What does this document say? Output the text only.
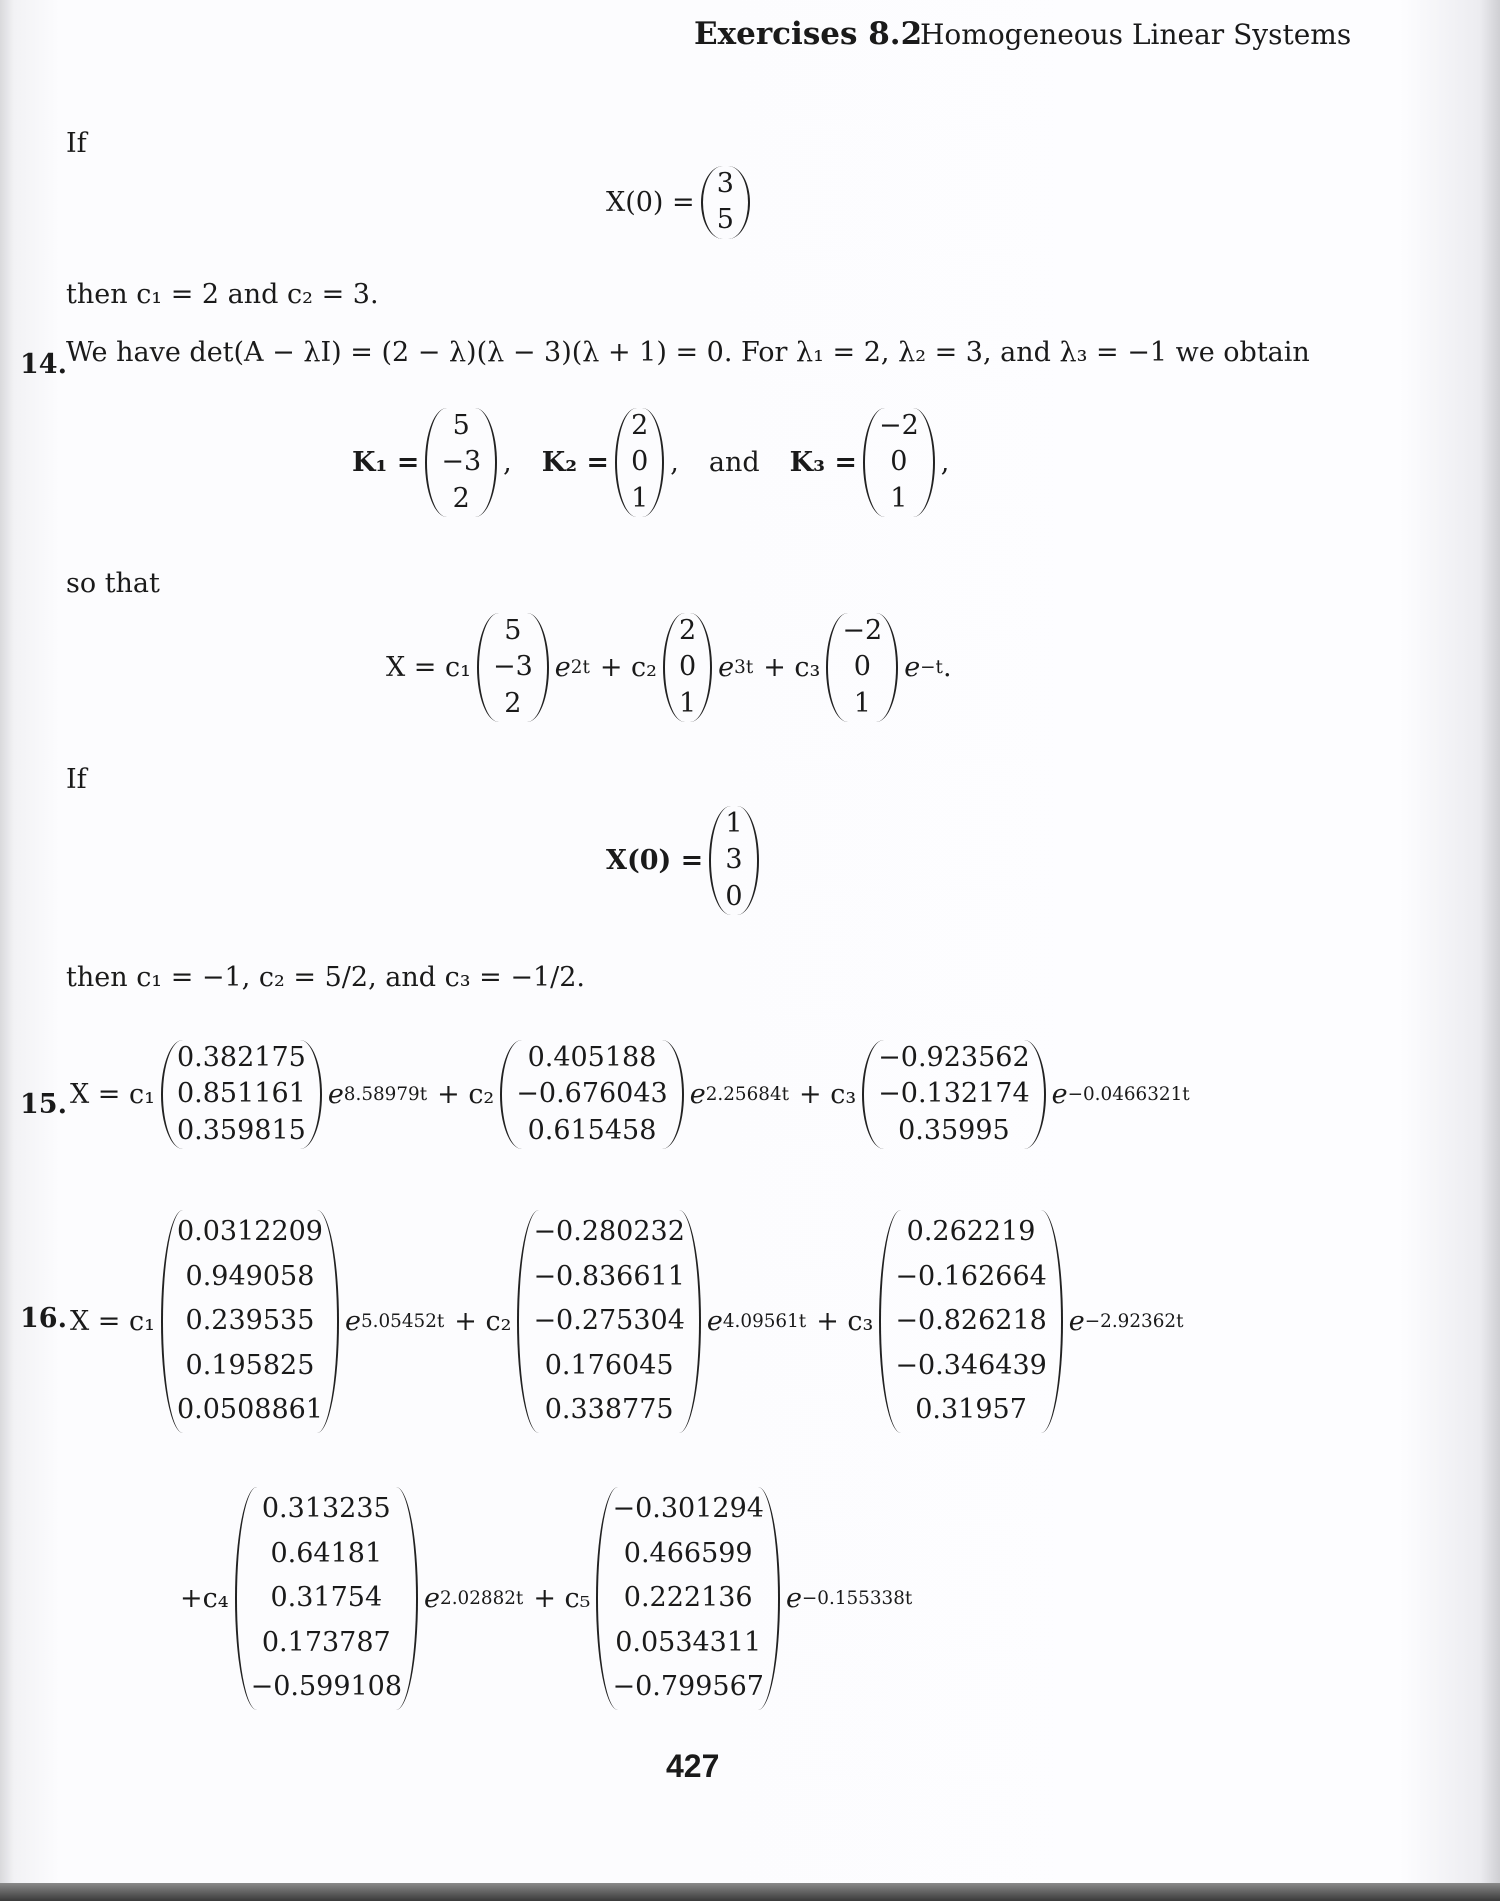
Exercises 8.2
Homogeneous Linear Systems
If
X(0) =
3
5
then c₁ = 2 and c₂ = 3.
14. We have det(A − λI) = (2 − λ)(λ − 3)(λ + 1) = 0. For λ₁ = 2, λ₂ = 3, and λ₃ = −1 we obtain
K₁ =
5
−3
2
, K₂ =
2
0
1
, and K₃ =
−2
0
1
,
so that
X = c₁
5
−3
2
e 2t + c₂
2
0
1
e 3t + c₃
−2
0
1
e −t .
If
X(0) =
1
3
0
then c₁ = −1, c₂ = 5/2, and c₃ = −1/2.
15. X = c₁
0.382175
0.851161
0.359815
e 8.58979t + c₂
0.405188
−0.676043
0.615458
e 2.25684t + c₃
−0.923562
−0.132174
0.35995
e −0.0466321t
16. X = c₁
0.0312209
0.949058
0.239535
0.195825
0.0508861
e 5.05452t + c₂
−0.280232
−0.836611
−0.275304
0.176045
0.338775
e 4.09561t + c₃
0.262219
−0.162664
−0.826218
−0.346439
0.31957
e −2.92362t
+c₄
0.313235
0.64181
0.31754
0.173787
−0.599108
e 2.02882t + c₅
−0.301294
0.466599
0.222136
0.0534311
−0.799567
e −0.155338t
427
